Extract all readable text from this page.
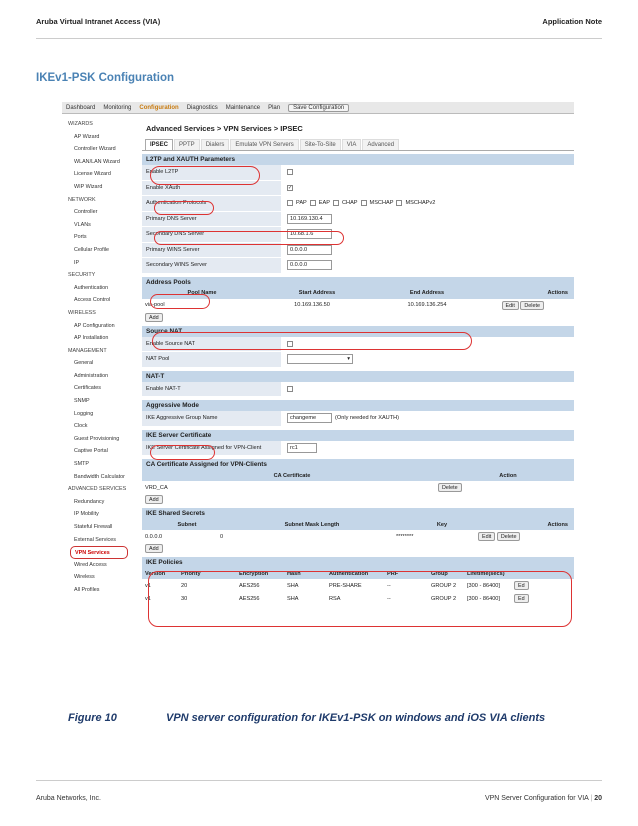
Aruba Virtual Intranet Access (VIA)	Application Note
IKEv1-PSK Configuration
Dashboard	Monitoring	Configuration	Diagnostics	Maintenance	Plan	Save Configuration
WIZARDS
AP Wizard
Controller Wizard
WLAN/LAN Wizard
License Wizard
WIP Wizard
NETWORK
Controller
VLANs
Ports
Cellular Profile
IP
SECURITY
Authentication
Access Control
WIRELESS
AP Configuration
AP Installation
MANAGEMENT
General
Administration
Certificates
SNMP
Logging
Clock
Guest Provisioning
Captive Portal
SMTP
Bandwidth Calculator
ADVANCED SERVICES
Redundancy
IP Mobility
Stateful Firewall
External Services
VPN Services
Wired Access
Wireless
All Profiles
Advanced Services > VPN Services > IPSEC
IPSEC	PPTP	Dialers	Emulate VPN Servers	Site-To-Site	VIA	Advanced
L2TP and XAUTH Parameters
Enable L2TP
Enable XAuth	✓
Authentication Protocols	PAP EAP CHAP MSCHAP MSCHAPv2
Primary DNS Server	10.169.130.4
Secondary DNS Server	10.68.1.6
Primary WINS Server	0.0.0.0
Secondary WINS Server	0.0.0.0
Address Pools
Pool Name	Start Address	End Address	Actions
via-pool	10.169.136.50	10.169.136.254	Edit Delete
Add
Source NAT
Enable Source NAT
NAT Pool	▾
NAT-T
Enable NAT-T
Aggressive Mode
IKE Aggressive Group Name	changeme	(Only needed for XAUTH)
IKE Server Certificate
IKE Server Certificate Assigned for VPN-Client	rc1
CA Certificate Assigned for VPN-Clients
CA Certificate	Action
VRD_CA	Delete
Add
IKE Shared Secrets
Subnet	Subnet Mask Length	Key	Actions
0.0.0.0	0	********	Edit Delete
Add
IKE Policies
Version	Priority	Encryption	Hash	Authentication	PRF	Group	Lifetime(secs)
v1	20	AES256	SHA	PRE-SHARE	--	GROUP 2	[300 - 86400]	Ed
v1	30	AES256	SHA	RSA	--	GROUP 2	[300 - 86400]	Ed
Figure 10	VPN server configuration for IKEv1-PSK on windows and iOS VIA clients
Aruba Networks, Inc.	VPN Server Configuration for VIA | 20
